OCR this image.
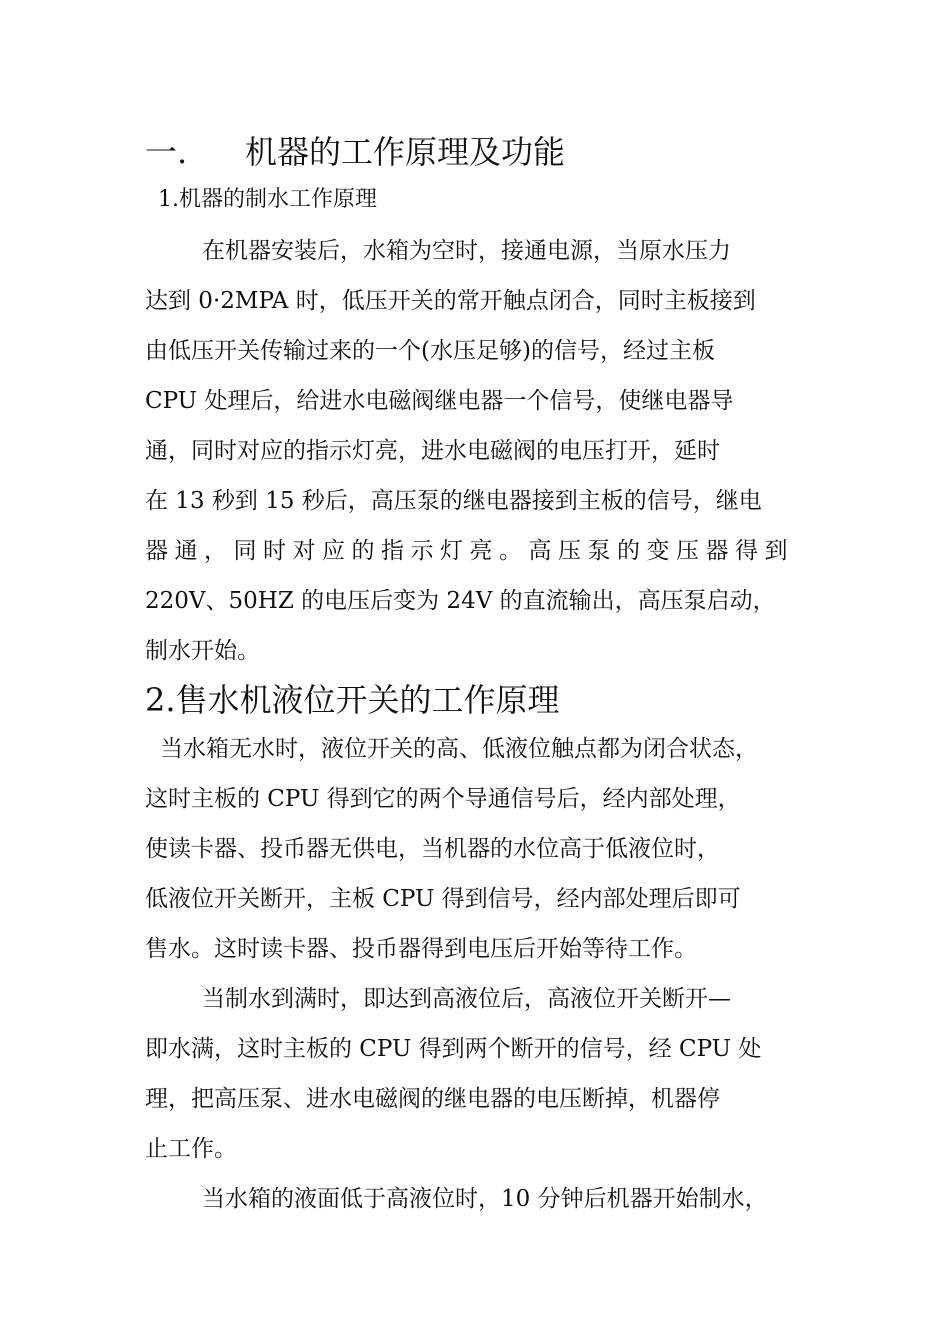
一. 机器的工作原理及功能
1.机器的制水工作原理
在机器安装后，水箱为空时，接通电源，当原水压力
达到 0·2MPA 时，低压开关的常开触点闭合，同时主板接到
由低压开关传输过来的一个(水压足够)的信号，经过主板
CPU 处理后，给进水电磁阀继电器一个信号，使继电器导
通，同时对应的指示灯亮，进水电磁阀的电压打开，延时
在 13 秒到 15 秒后，高压泵的继电器接到主板的信号，继电
器通，同时对应的指示灯亮。高压泵的变压器得到
220V、50HZ 的电压后变为 24V 的直流输出，高压泵启动，
制水开始。
2.售水机液位开关的工作原理
当水箱无水时，液位开关的高、低液位触点都为闭合状态，
这时主板的 CPU 得到它的两个导通信号后，经内部处理，
使读卡器、投币器无供电，当机器的水位高于低液位时，
低液位开关断开，主板 CPU 得到信号，经内部处理后即可
售水。这时读卡器、投币器得到电压后开始等待工作。
当制水到满时，即达到高液位后，高液位开关断开—
即水满，这时主板的 CPU 得到两个断开的信号，经 CPU 处
理，把高压泵、进水电磁阀的继电器的电压断掉，机器停
止工作。
当水箱的液面低于高液位时，10 分钟后机器开始制水，
